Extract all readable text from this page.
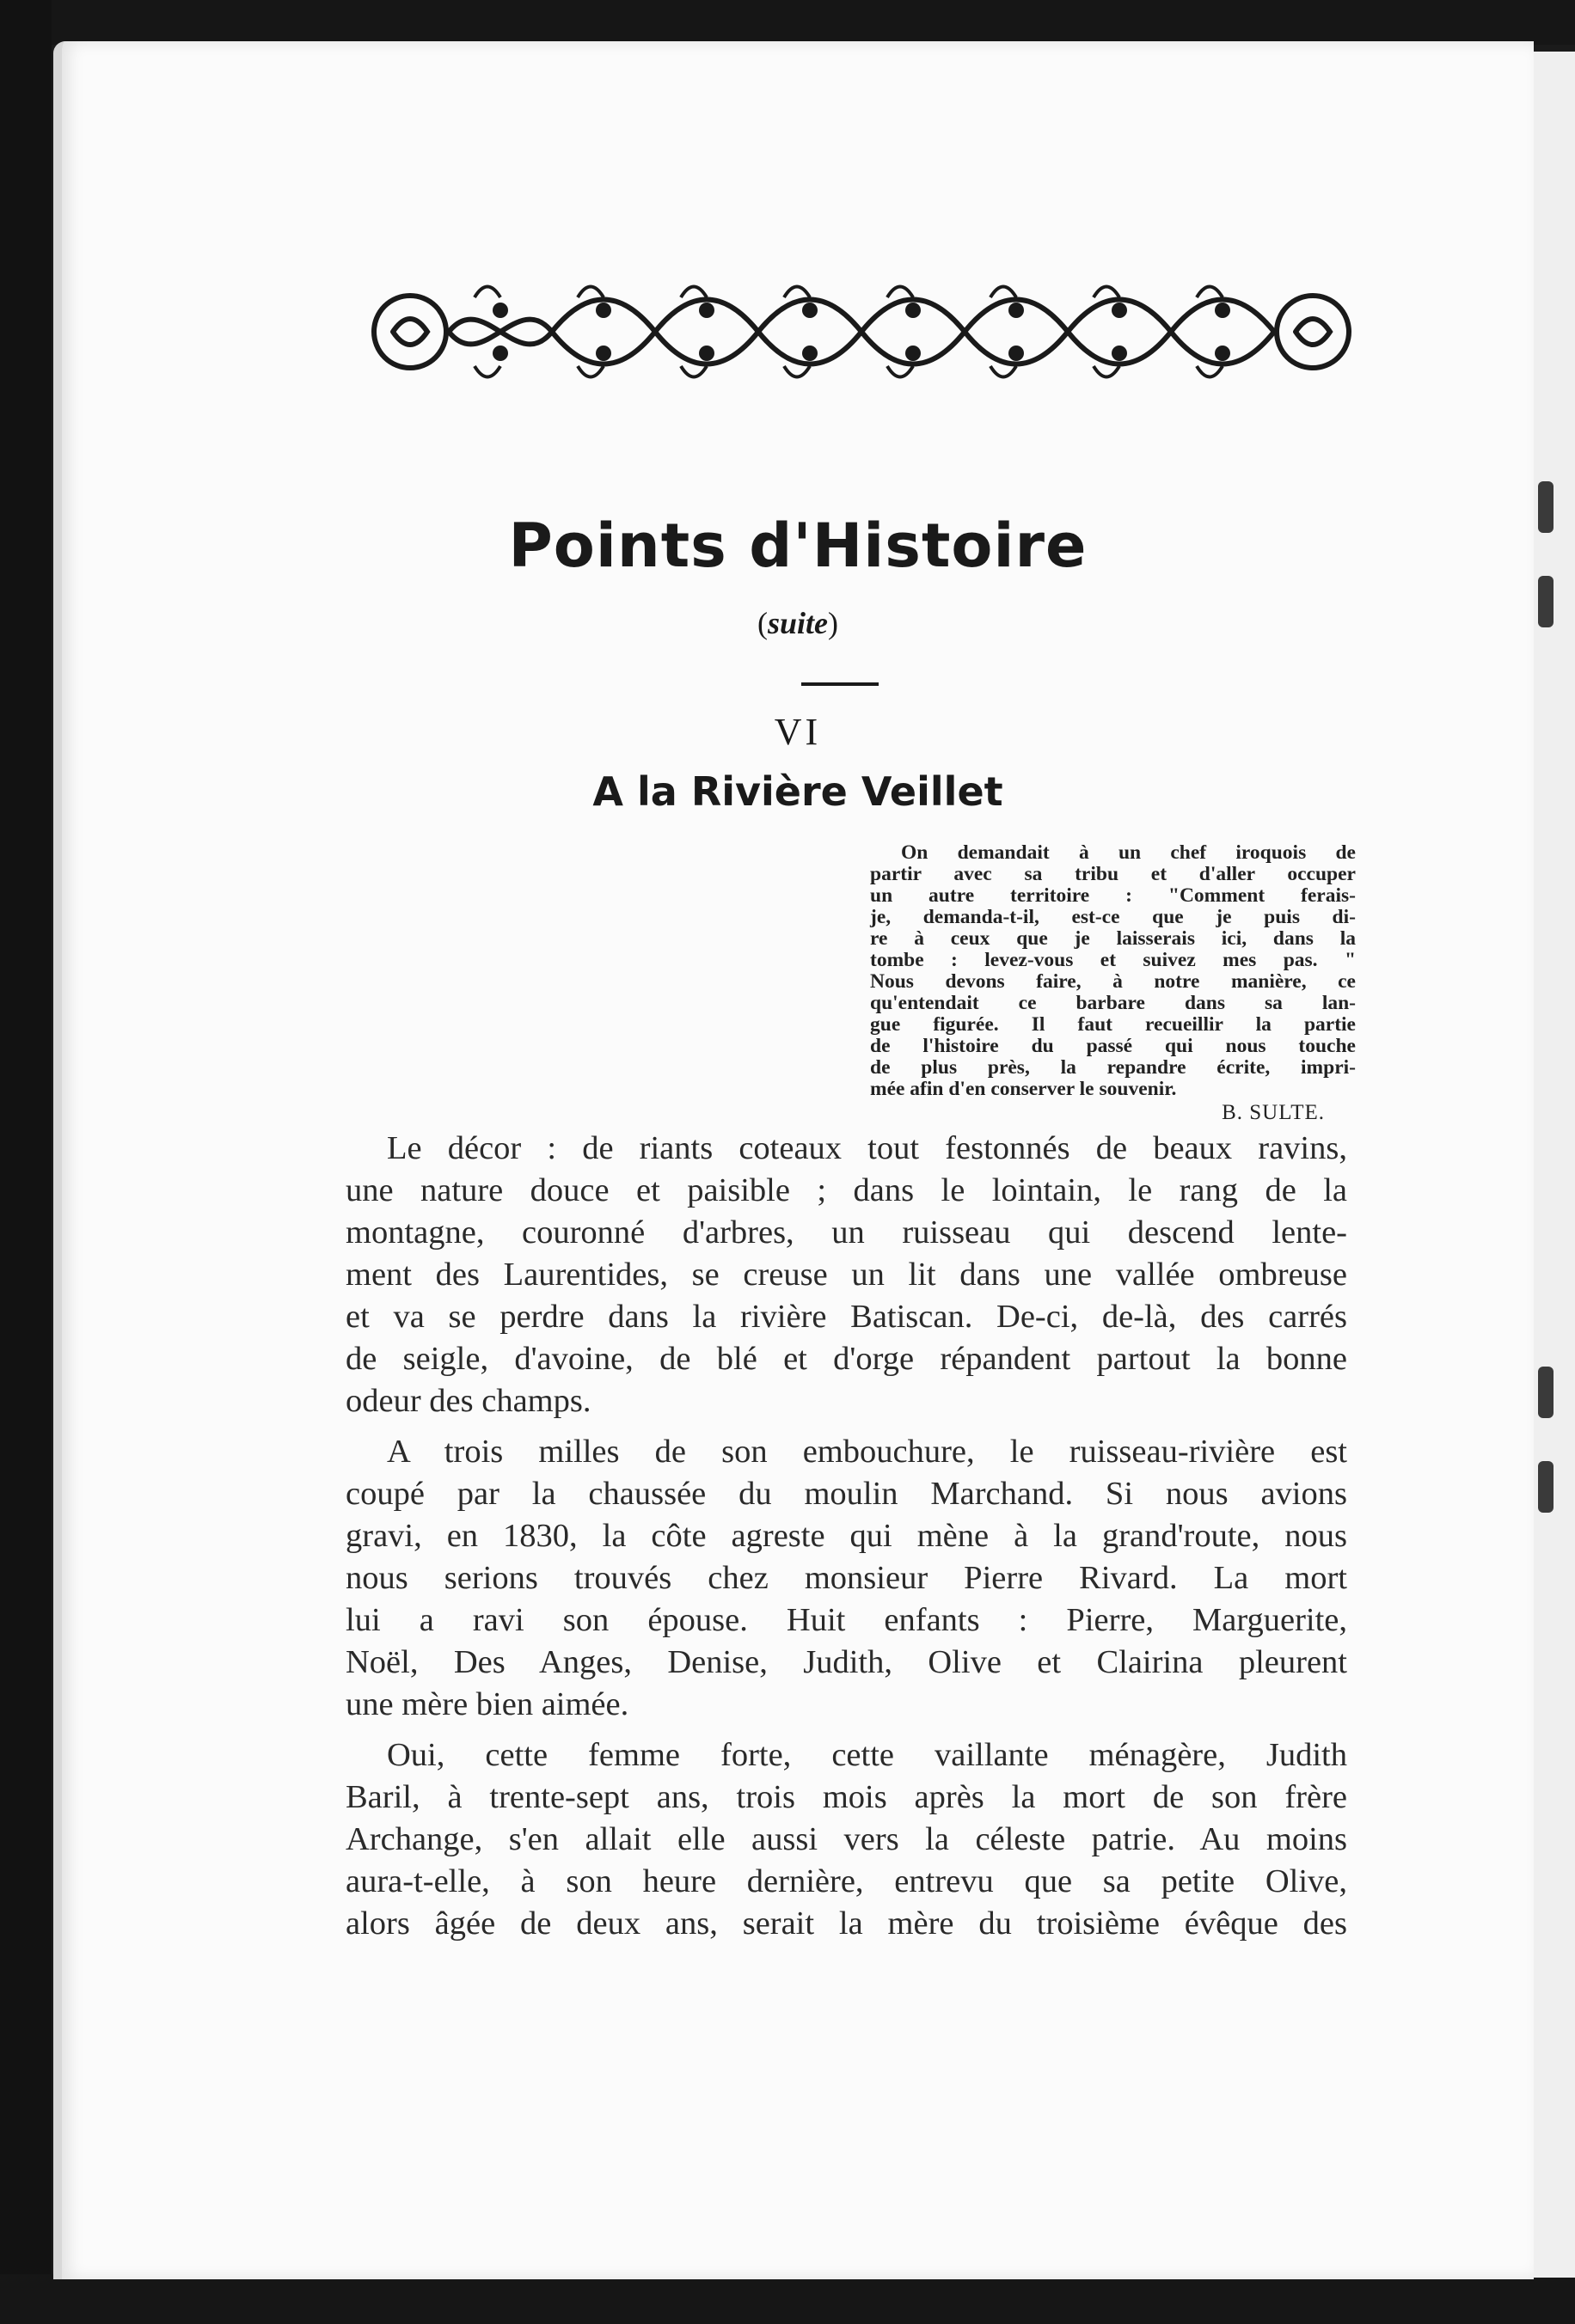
Points d'Histoire
(suite)
VI
A la Rivière Veillet
On demandait à un chef iroquois de
partir avec sa tribu et d'aller occuper
un autre territoire : "Comment ferais-
je, demanda-t-il, est-ce que je puis di-
re à ceux que je laisserais ici, dans la
tombe : levez-vous et suivez mes pas. "
Nous devons faire, à notre manière, ce
qu'entendait ce barbare dans sa lan-
gue figurée. Il faut recueillir la partie
de l'histoire du passé qui nous touche
de plus près, la repandre écrite, impri-
mée afin d'en conserver le souvenir.
B. SULTE.
Le décor : de riants coteaux tout festonnés de beaux ravins,
une nature douce et paisible ; dans le lointain, le rang de la
montagne, couronné d'arbres, un ruisseau qui descend lente-
ment des Laurentides, se creuse un lit dans une vallée ombreuse
et va se perdre dans la rivière Batiscan. De-ci, de-là, des carrés
de seigle, d'avoine, de blé et d'orge répandent partout la bonne
odeur des champs.
A trois milles de son embouchure, le ruisseau-rivière est
coupé par la chaussée du moulin Marchand. Si nous avions
gravi, en 1830, la côte agreste qui mène à la grand'route, nous
nous serions trouvés chez monsieur Pierre Rivard. La mort
lui a ravi son épouse. Huit enfants : Pierre, Marguerite,
Noël, Des Anges, Denise, Judith, Olive et Clairina pleurent
une mère bien aimée.
Oui, cette femme forte, cette vaillante ménagère, Judith
Baril, à trente-sept ans, trois mois après la mort de son frère
Archange, s'en allait elle aussi vers la céleste patrie. Au moins
aura-t-elle, à son heure dernière, entrevu que sa petite Olive,
alors âgée de deux ans, serait la mère du troisième évêque des
